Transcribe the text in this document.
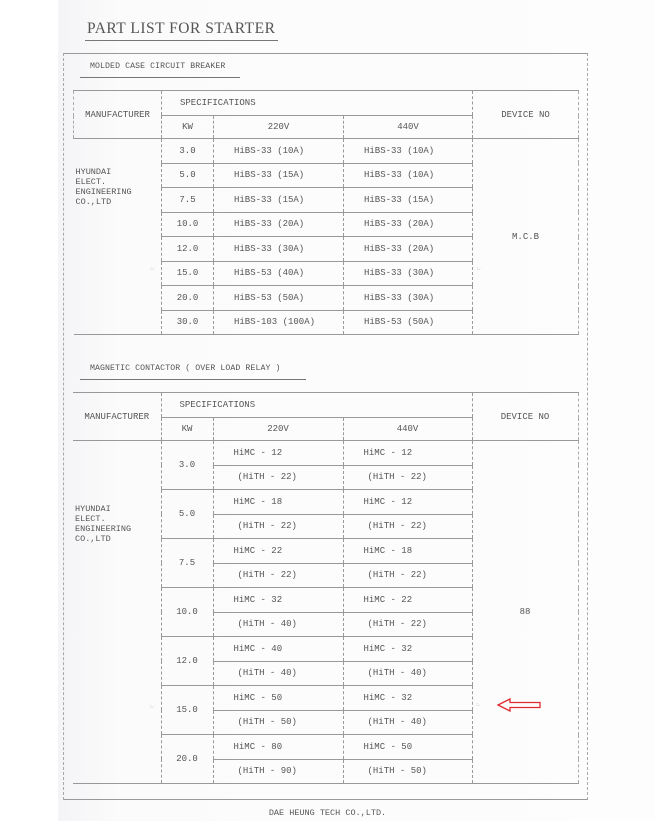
PART LIST FOR STARTER
MOLDED CASE CIRCUIT BREAKER
MANUFACTURER	SPECIFICATIONS			DEVICE NO
	KW	220V	440V	

HYUNDAI
ELECT.
ENGINEERING
CO.,LTD
☞
	3.0	HiBS-33 (10A)	HiBS-33 (10A)	M.C.B
☞

	5.0	HiBS-33 (15A)	HiBS-33 (10A)	
	7.5	HiBS-33 (15A)	HiBS-33 (15A)	
	10.0	HiBS-33 (20A)	HiBS-33 (20A)	
	12.0	HiBS-33 (30A)	HiBS-33 (20A)	
	15.0	HiBS-53 (40A)	HiBS-33 (30A)	
	20.0	HiBS-53 (50A)	HiBS-33 (30A)	
	30.0	HiBS-103 (100A)	HiBS-53 (50A)	
MAGNETIC CONTACTOR ( OVER LOAD RELAY )
MANUFACTURER	SPECIFICATIONS			DEVICE NO
	KW	220V	440V	

HYUNDAI
ELECT.
ENGINEERING
CO.,LTD
☞
	3.0	HiMC - 12	HiMC - 12	88
☞

		(HiTH - 22)	(HiTH - 22)	
	5.0	HiMC - 18	HiMC - 12	
		(HiTH - 22)	(HiTH - 22)	
	7.5	HiMC - 22	HiMC - 18	
		(HiTH - 22)	(HiTH - 22)	
	10.0	HiMC - 32	HiMC - 22	
		(HiTH - 40)	(HiTH - 22)	
	12.0	HiMC - 40	HiMC - 32	
		(HiTH - 40)	(HiTH - 40)	
	15.0	HiMC - 50	HiMC - 32	
		(HiTH - 50)	(HiTH - 40)	
	20.0	HiMC - 80	HiMC - 50	
		(HiTH - 90)	(HiTH - 50)	
DAE HEUNG TECH CO.,LTD.
